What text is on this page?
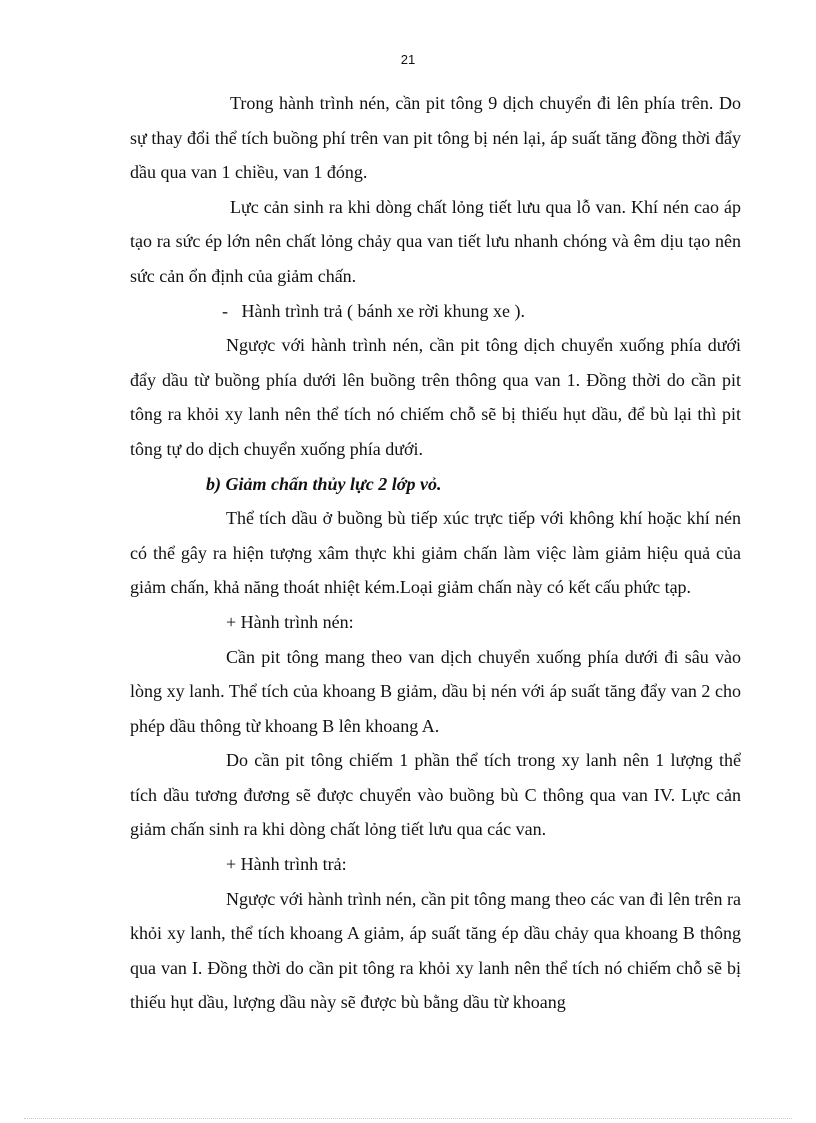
21

Trong hành trình nén, cần pit tông 9 dịch chuyển đi lên phía trên. Do sự thay đổi thể tích buồng phí trên van pit tông bị nén lại, áp suất tăng đồng thời đẩy dầu qua van 1 chiều, van 1 đóng.

Lực cản sinh ra khi dòng chất lỏng tiết lưu qua lỗ van. Khí nén cao áp tạo ra sức ép lớn nên chất lỏng chảy qua van tiết lưu nhanh chóng và êm dịu tạo nên sức cản ổn định của giảm chấn.

- Hành trình trả ( bánh xe rời khung xe ).

Ngược với hành trình nén, cần pit tông dịch chuyển xuống phía dưới đẩy dầu từ buồng phía dưới lên buồng trên thông qua van 1. Đồng thời do cần pit tông ra khỏi xy lanh nên thể tích nó chiếm chỗ sẽ bị thiếu hụt dầu, để bù lại thì pit tông tự do dịch chuyển xuống phía dưới.

b) Giảm chấn thủy lực 2 lớp vỏ.

Thể tích dầu ở buồng bù tiếp xúc trực tiếp với không khí hoặc khí nén có thể gây ra hiện tượng xâm thực khi giảm chấn làm việc làm giảm hiệu quả của giảm chấn, khả năng thoát nhiệt kém.Loại giảm chấn này có kết cấu phức tạp.

+ Hành trình nén:

Cần pit tông mang theo van dịch chuyển xuống phía dưới đi sâu vào lòng xy lanh. Thể tích của khoang B giảm, dầu bị nén với áp suất tăng đẩy van 2 cho phép dầu thông từ khoang B lên khoang A.

Do cần pit tông chiếm 1 phần thể tích trong xy lanh nên 1 lượng thể tích dầu tương đương sẽ được chuyển vào buồng bù C thông qua van IV. Lực cản giảm chấn sinh ra khi dòng chất lỏng tiết lưu qua các van.

+ Hành trình trả:

Ngược với hành trình nén, cần pit tông mang theo các van đi lên trên ra khỏi xy lanh, thể tích khoang A giảm, áp suất tăng ép dầu chảy qua khoang B thông qua van I. Đồng thời do cần pit tông ra khỏi xy lanh nên thể tích nó chiếm chỗ sẽ bị thiếu hụt dầu, lượng dầu này sẽ được bù bằng dầu từ khoang
